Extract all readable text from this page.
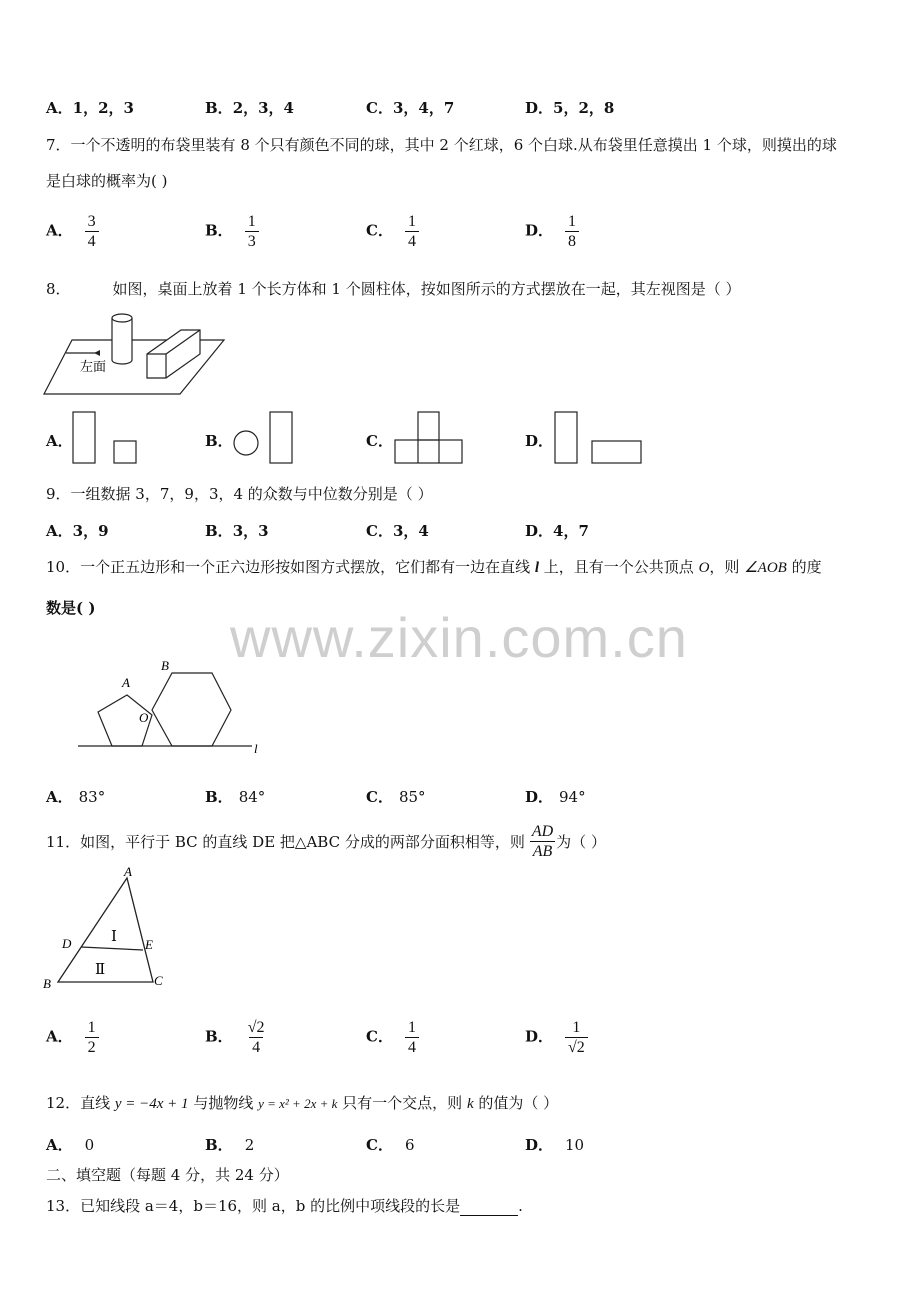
A．1，2，3	B．2，3，4	C．3，4，7	D．5，2，8
7．一个不透明的布袋里装有 8 个只有颜色不同的球，其中 2 个红球，6 个白球.从布袋里任意摸出 1 个球，则摸出的球
是白球的概率为( )
A． $\frac{3}{4}$	B． $\frac{1}{3}$	C． $\frac{1}{4}$	D． $\frac{1}{8}$
8．	如图，桌面上放着 1 个长方体和 1 个圆柱体，按如图所示的方式摆放在一起，其左视图是（ ）
左面
A．	B．	C．	D．
9．一组数据 3，7，9，3，4 的众数与中位数分别是（ ）
A．3，9	B．3，3	C．3，4	D．4，7
10．一个正五边形和一个正六边形按如图方式摆放，它们都有一边在直线 l 上，且有一个公共顶点 O，则 ∠AOB 的度
数是( ) www.zixin.com.cn
A
B
O
l
A． 83°	B． 84°	C． 85°	D． 94°
11．如图，平行于 BC 的直线 DE 把△ABC 分成的两部分面积相等，则 $\frac{AD}{AB}$ 为（ ）
A
B	C
D	E
Ⅰ
Ⅱ
A． $\frac{1}{2}$	B． $\frac{√2}{4}$	C． $\frac{1}{4}$	D． $\frac{1}{√2}$
12．直线 y = −4x + 1 与抛物线 y = x² + 2x + k 只有一个交点，则 k 的值为（ ）
A． 0	B． 2	C． 6	D． 10
二、填空题（每题 4 分，共 24 分）
13．已知线段 a＝4，b＝16，则 a，b 的比例中项线段的长是	.
